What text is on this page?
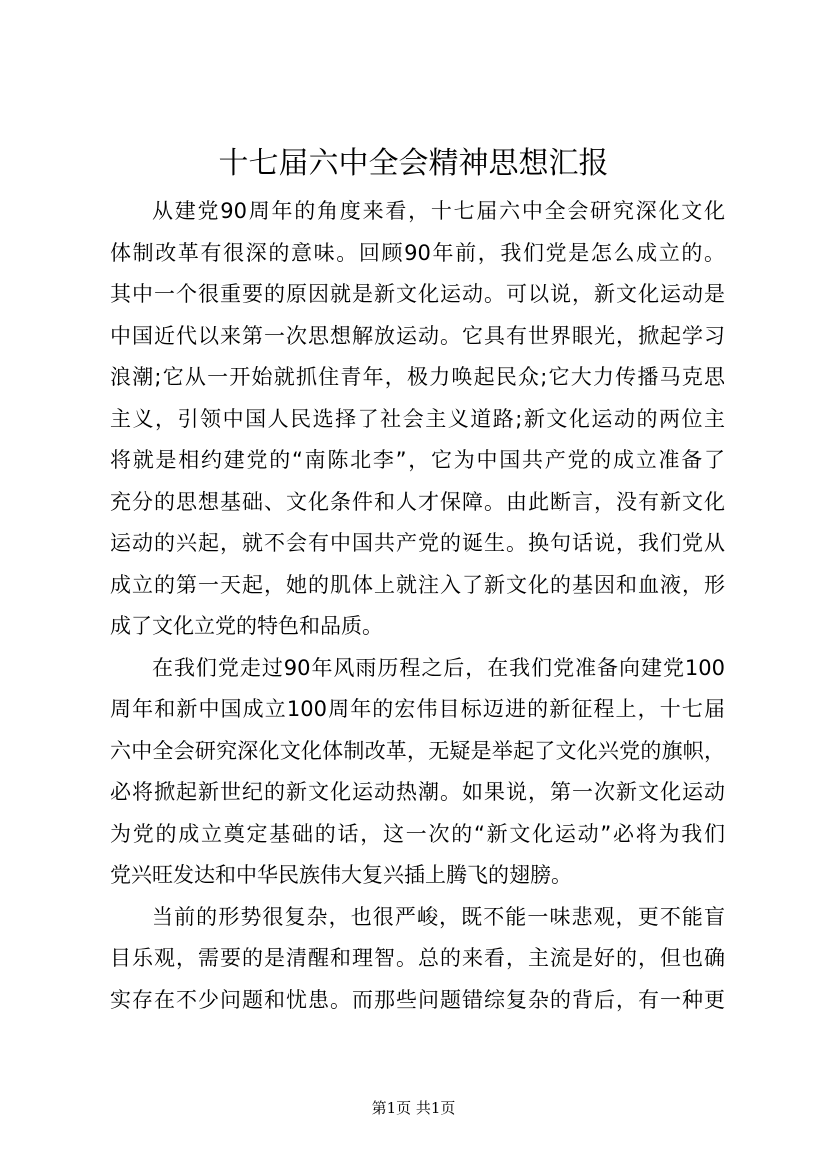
十七届六中全会精神思想汇报

从建党90周年的角度来看，十七届六中全会研究深化文化
体制改革有很深的意味。回顾90年前，我们党是怎么成立的。
其中一个很重要的原因就是新文化运动。可以说，新文化运动是
中国近代以来第一次思想解放运动。它具有世界眼光，掀起学习
浪潮;它从一开始就抓住青年，极力唤起民众;它大力传播马克思
主义，引领中国人民选择了社会主义道路;新文化运动的两位主
将就是相约建党的“南陈北李”，它为中国共产党的成立准备了
充分的思想基础、文化条件和人才保障。由此断言，没有新文化
运动的兴起，就不会有中国共产党的诞生。换句话说，我们党从
成立的第一天起，她的肌体上就注入了新文化的基因和血液，形
成了文化立党的特色和品质。

在我们党走过90年风雨历程之后，在我们党准备向建党100
周年和新中国成立100周年的宏伟目标迈进的新征程上，十七届
六中全会研究深化文化体制改革，无疑是举起了文化兴党的旗帜，
必将掀起新世纪的新文化运动热潮。如果说，第一次新文化运动
为党的成立奠定基础的话，这一次的“新文化运动”必将为我们
党兴旺发达和中华民族伟大复兴插上腾飞的翅膀。

当前的形势很复杂，也很严峻，既不能一味悲观，更不能盲
目乐观，需要的是清醒和理智。总的来看，主流是好的，但也确
实存在不少问题和忧患。而那些问题错综复杂的背后，有一种更

第1页 共1页
